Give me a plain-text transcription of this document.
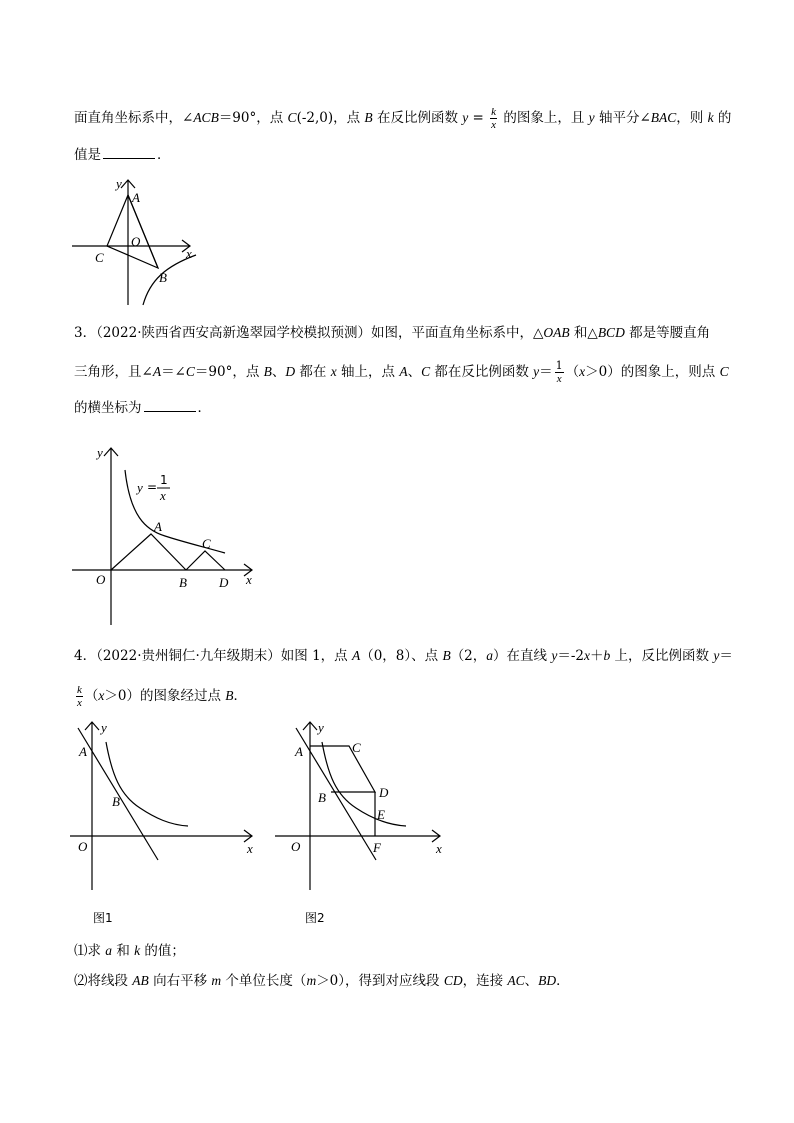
面直角坐标系中，∠ACB＝90°，点 C(-2,0)，点 B 在反比例函数 $y = \frac{k}{x}$ 的图象上，且 y 轴平分∠BAC，则 k 的
值是	．
y
A
O
C	x
B
3．（2022·陕西省西安高新逸翠园学校模拟预测）如图，平面直角坐标系中，△OAB 和△BCD 都是等腰直角
三角形，且∠A＝∠C＝90°，点 B、D 都在 x 轴上，点 A、C 都在反比例函数 $y= \frac{1}{x} (x>0)$的图象上，则点 C
的横坐标为	．
y
y = 1
x
A
C
O	B D x
4．（2022·贵州铜仁·九年级期末）如图 1，点 A（0，8）、点 B（2，a）在直线 y＝-2x＋b 上，反比例函数 y＝
$\frac{k}{x} (x>0)$的图象经过点 B．
y
A
B
O	x
图1
y
A	C
D
B
E
O	F	x
图2
⑴求 a 和 k 的值；
⑵将线段 AB 向右平移 m 个单位长度（m＞0），得到对应线段 CD，连接 AC、BD．
